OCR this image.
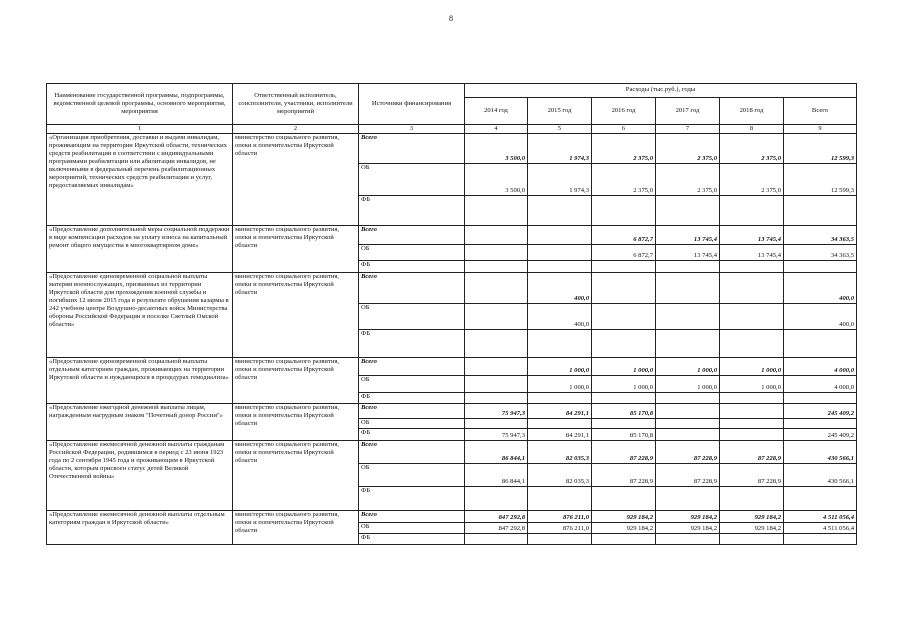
8
Наименование государственной программы, подпрограммы, ведомственной целевой программы, основного мероприятия, мероприятия	Ответственный исполнитель, соисполнители, участники, исполнители мероприятий	Источники финансирования	Расходы (тыс.руб.), годы					
			2014 год	2015 год	2016 год	2017 год	2018 год	Всего
1	2	3	4	5	6	7	8	9
«Организация приобретения, доставки и выдачи инвалидам, проживающим на территории Иркутской области, технических средств реабилитации в соответствии с индивидуальными программами реабилитации или абилитации инвалидов, не включенными в федеральный перечень реабилитационных мероприятий, технических средств реабилитации и услуг, предоставляемых инвалидам»	министерство социального развития, опеки и попечительства Иркутской области	Всего	3 500,0	1 974,3	2 375,0	2 375,0	2 375,0	12 599,3
		ОБ	3 500,0	1 974,3	2 375,0	2 375,0	2 375,0	12 599,3
		ФБ						
«Предоставление дополнительной меры социальной поддержки в виде компенсации расходов на уплату взноса на капитальный ремонт общего имущества в многоквартирном доме»	министерство социального развития, опеки и попечительства Иркутской области	Всего			6 872,7	13 745,4	13 745,4	34 363,5
		ОБ			6 872,7	13 745,4	13 745,4	34 363,5
		ФБ						
«Предоставление единовременной социальной выплаты матерям военнослужащих, призванных из территории Иркутской области для прохождения военной службы и погибших 12 июля 2015 года в результате обрушения казармы в 242 учебном центре Воздушно-десантных войск Министерства обороны Российской Федерации в поселке Светлый Омской области»	министерство социального развития, опеки и попечительства Иркутской области	Всего		400,0				400,0
		ОБ		400,0				400,0
		ФБ						
«Предоставление единовременной социальной выплаты отдельным категориям граждан, проживающих на территории Иркутской области и нуждающихся в процедурах гемодиализа»	министерство социального развития, опеки и попечительства Иркутской области	Всего		1 000,0	1 000,0	1 000,0	1 000,0	4 000,0
		ОБ		1 000,0	1 000,0	1 000,0	1 000,0	4 000,0
		ФБ						
«Предоставление ежегодной денежной выплаты лицам, награжденным нагрудным знаком "Почетный донор России"»	министерство социального развития, опеки и попечительства Иркутской области	Всего	75 947,3	84 291,1	85 170,8			245 409,2
		ОБ						
		ФБ	75 947,3	84 291,1	85 170,8			245 409,2
«Предоставление ежемесячной денежной выплаты гражданам Российской Федерации, родившимся в период с 23 июня 1923 года по 2 сентября 1945 года и проживающим в Иркутской области, которым присвоен статус детей Великой Отечественной войны»	министерство социального развития, опеки и попечительства Иркутской области	Всего	86 844,1	82 035,3	87 228,9	87 228,9	87 228,9	430 566,1
		ОБ	86 844,1	82 035,3	87 228,9	87 228,9	87 228,9	430 566,1
		ФБ						
«Предоставление ежемесячной денежной выплаты отдельным категориям граждан в Иркутской области»	министерство социального развития, опеки и попечительства Иркутской области	Всего	847 292,8	876 211,0	929 184,2	929 184,2	929 184,2	4 511 056,4
		ОБ	847 292,8	876 211,0	929 184,2	929 184,2	929 184,2	4 511 056,4
		ФБ						
